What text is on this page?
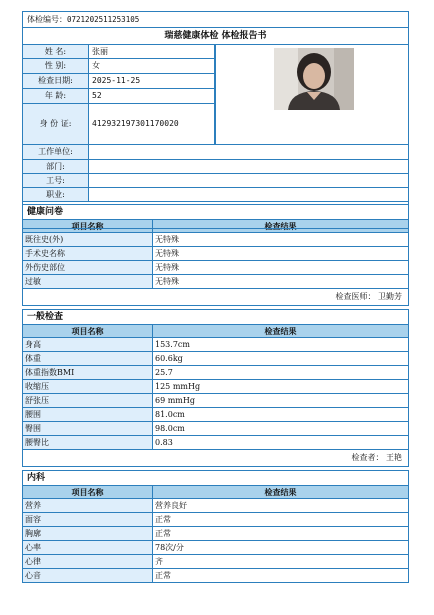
体检编号：0721202511253105
瑞慈健康体检 体检报告书
姓 名:	张丽
性 别:	女
检查日期:	2025-11-25
年 龄:	52
身 份 证:	412932197301170020
工作单位:
部门:
工号:
职业:
健康问卷
项目名称	检查结果
既往史(外)	无特殊
手术史名称	无特殊
外伤史部位	无特殊
过敏	无特殊
检查医师： 卫勤芳
一般检查
项目名称	检查结果
身高	153.7cm
体重	60.6kg
体重指数BMI	25.7
收缩压	125 mmHg
舒张压	69 mmHg
腰围	81.0cm
臀围	98.0cm
腰臀比	0.83
检查者： 王艳
内科
项目名称	检查结果
营养	营养良好
面容	正常
胸廓	正常
心率	78次/分
心律	齐
心音	正常
